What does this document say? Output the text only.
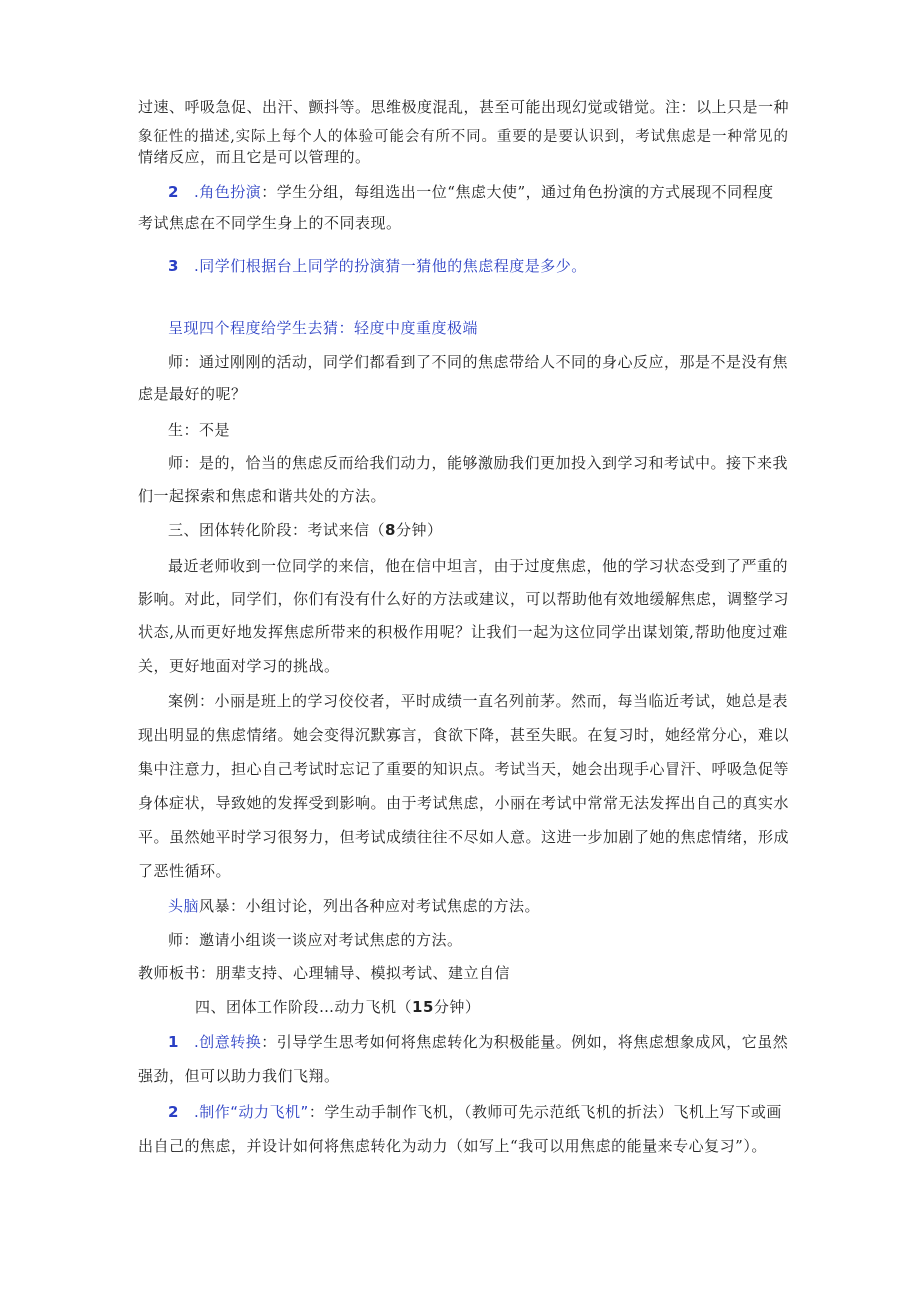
过速、呼吸急促、出汗、颤抖等。思维极度混乱，甚至可能出现幻觉或错觉。注：以上只是一种
象征性的描述,实际上每个人的体验可能会有所不同。重要的是要认识到，考试焦虑是一种常见的
情绪反应，而且它是可以管理的。
2 .角色扮演：学生分组，每组选出一位“焦虑大使”，通过角色扮演的方式展现不同程度
考试焦虑在不同学生身上的不同表现。
3 .同学们根据台上同学的扮演猜一猜他的焦虑程度是多少。
呈现四个程度给学生去猜：轻度中度重度极端
师：通过刚刚的活动，同学们都看到了不同的焦虑带给人不同的身心反应，那是不是没有焦
虑是最好的呢？
生：不是
师：是的，恰当的焦虑反而给我们动力，能够激励我们更加投入到学习和考试中。接下来我
们一起探索和焦虑和谐共处的方法。
三、团体转化阶段：考试来信（8分钟）
最近老师收到一位同学的来信，他在信中坦言，由于过度焦虑，他的学习状态受到了严重的
影响。对此，同学们，你们有没有什么好的方法或建议，可以帮助他有效地缓解焦虑，调整学习
状态,从而更好地发挥焦虑所带来的积极作用呢？让我们一起为这位同学出谋划策,帮助他度过难
关，更好地面对学习的挑战。
案例：小丽是班上的学习佼佼者，平时成绩一直名列前茅。然而，每当临近考试，她总是表
现出明显的焦虑情绪。她会变得沉默寡言，食欲下降，甚至失眠。在复习时，她经常分心，难以
集中注意力，担心自己考试时忘记了重要的知识点。考试当天，她会出现手心冒汗、呼吸急促等
身体症状，导致她的发挥受到影响。由于考试焦虑，小丽在考试中常常无法发挥出自己的真实水
平。虽然她平时学习很努力，但考试成绩往往不尽如人意。这进一步加剧了她的焦虑情绪，形成
了恶性循环。
头脑风暴：小组讨论，列出各种应对考试焦虑的方法。
师：邀请小组谈一谈应对考试焦虑的方法。
教师板书：朋辈支持、心理辅导、模拟考试、建立自信
四、团体工作阶段…动力飞机（15分钟）
1 .创意转换：引导学生思考如何将焦虑转化为积极能量。例如，将焦虑想象成风，它虽然
强劲，但可以助力我们飞翔。
2 .制作“动力飞机”：学生动手制作飞机，（教师可先示范纸飞机的折法）飞机上写下或画
出自己的焦虑，并设计如何将焦虑转化为动力（如写上“我可以用焦虑的能量来专心复习”）。
